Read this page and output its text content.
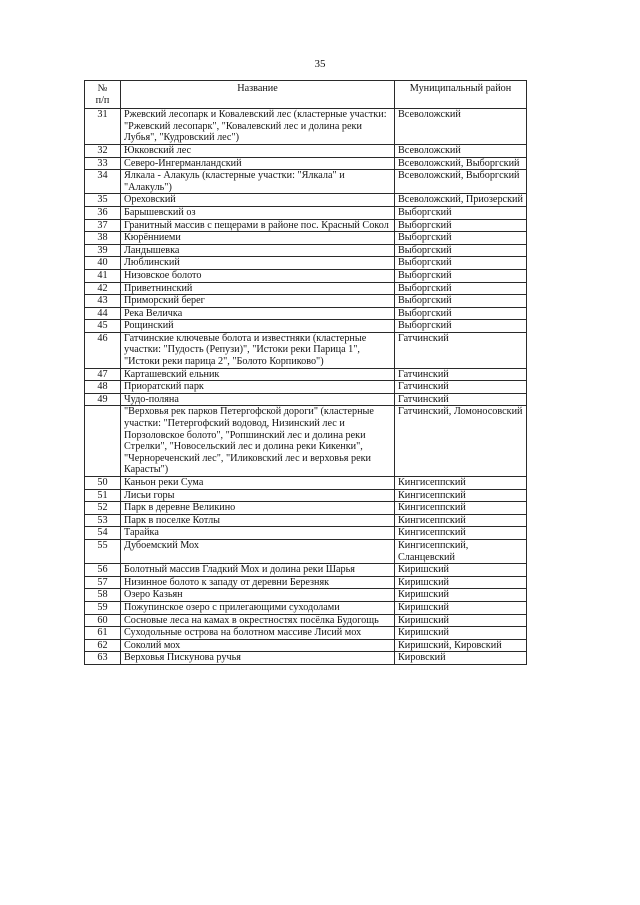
35
№
п/п	Название	Муниципальный район
31	Ржевский лесопарк и Ковалевский лес (кластерные участки: "Ржевский лесопарк", "Ковалевский лес и долина реки Лубья", "Кудровский лес")	Всеволожский
32	Юкковский лес	Всеволожский
33	Северо-Ингерманландский	Всеволожский, Выборгский
34	Ялкала - Алакуль (кластерные участки: "Ялкала" и "Алакуль")	Всеволожский, Выборгский
35	Ореховский	Всеволожский, Приозерский
36	Барышевский оз	Выборгский
37	Гранитный массив с пещерами в районе пос. Красный Сокол	Выборгский
38	Кюрённиеми	Выборгский
39	Ландышевка	Выборгский
40	Люблинский	Выборгский
41	Низовское болото	Выборгский
42	Приветнинский	Выборгский
43	Приморский берег	Выборгский
44	Река Величка	Выборгский
45	Рощинский	Выборгский
46	Гатчинские ключевые болота и известняки (кластерные участки: "Пудость (Репузи)", "Истоки реки Парица 1", "Истоки реки парица 2", "Болото Корпиково")	Гатчинский
47	Карташевский ельник	Гатчинский
48	Приоратский парк	Гатчинский
49	Чудо-поляна	Гатчинский
	"Верховья рек парков Петергофской дороги" (кластерные участки: "Петергофский водовод, Низинский лес и Порзоловское болото", "Ропшинский лес и долина реки Стрелки", "Новосельский лес и долина реки Кикенки", "Чернореченский лес", "Иликовский лес и верховья реки Карасты")	Гатчинский, Ломоносовский
50	Каньон реки Сума	Кингисеппский
51	Лисьи горы	Кингисеппский
52	Парк в деревне Великино	Кингисеппский
53	Парк в поселке Котлы	Кингисеппский
54	Тарайка	Кингисеппский
55	Дубоемский Мох	Кингисеппский, Сланцевский
56	Болотный массив Гладкий Мох и долина реки Шарья	Киришский
57	Низинное болото к западу от деревни Березняк	Киришский
58	Озеро Казьян	Киришский
59	Пожупинское озеро с прилегающими суходолами	Киришский
60	Сосновые леса на камах в окрестностях посёлка Будогощь	Киришский
61	Суходольные острова на болотном массиве Лисий мох	Киришский
62	Соколий мох	Киришский, Кировский
63	Верховья Пискунова ручья	Кировский
